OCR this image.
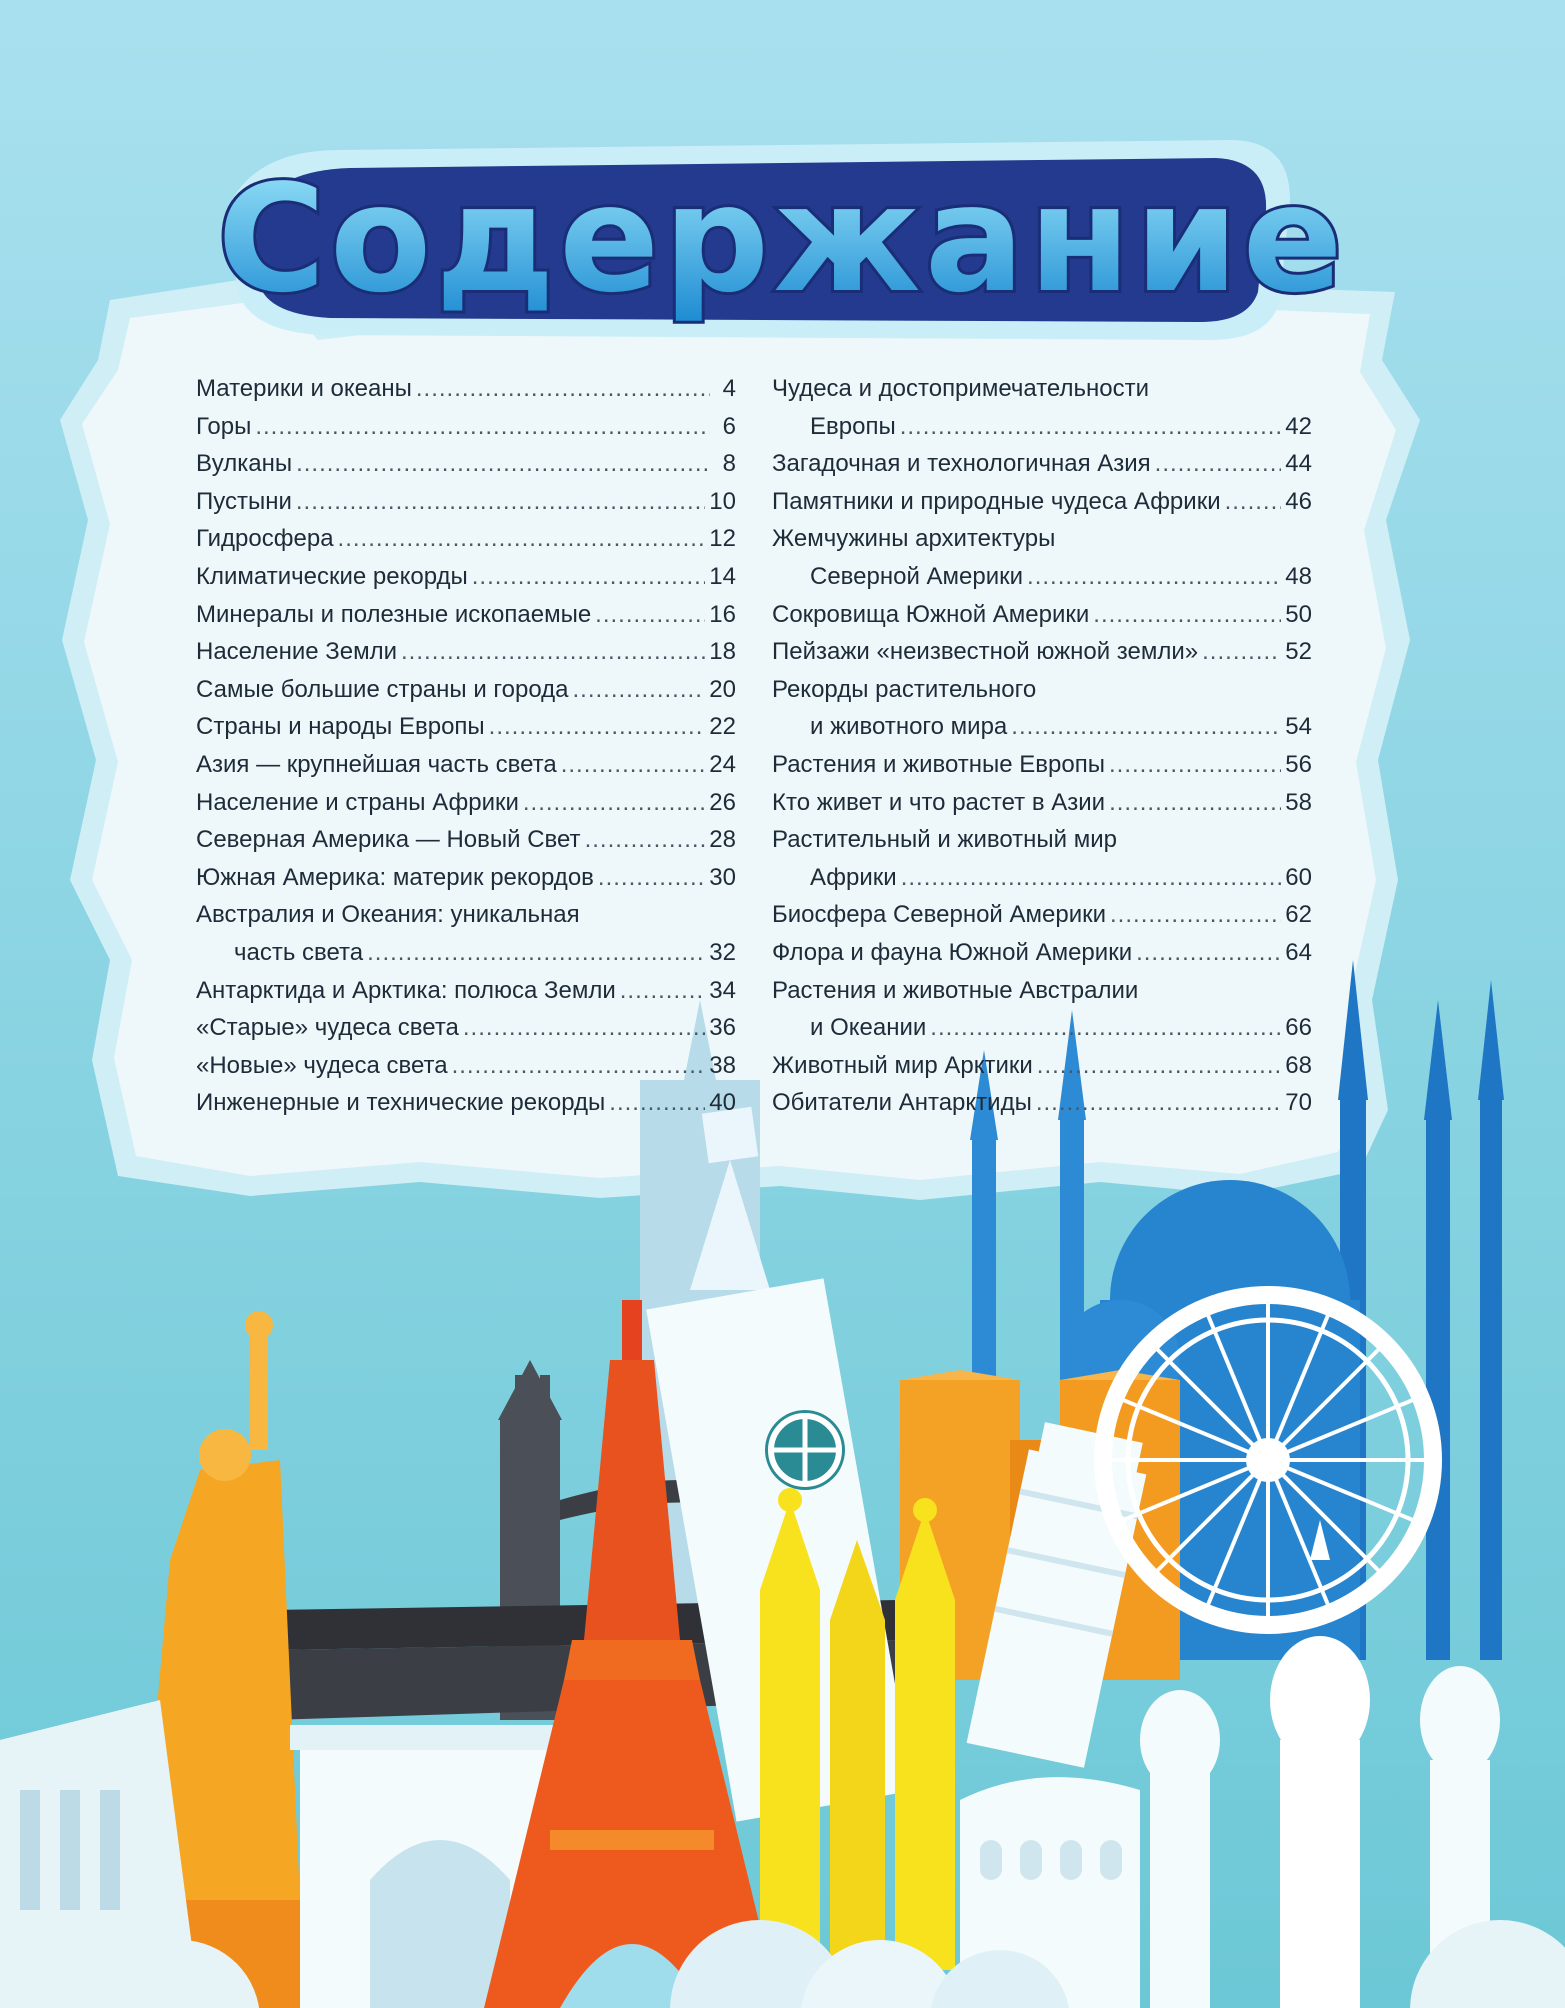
Содержание
Материки и океаны .....	4
Горы .....	6
Вулканы .....	8
Пустыни .....	10
Гидросфера .....	12
Климатические рекорды .....	14
Минералы и полезные ископаемые .....	16
Население Земли .....	18
Самые большие страны и города .....	20
Страны и народы Европы .....	22
Азия — крупнейшая часть света .....	24
Население и страны Африки .....	26
Северная Америка — Новый Свет .....	28
Южная Америка: материк рекордов .....	30
Австралия и Океания: уникальная
часть света .....	32
Антарктида и Арктика: полюса Земли .....	34
«Старые» чудеса света .....	36
«Новые» чудеса света .....	38
Инженерные и технические рекорды .....	40
Чудеса и достопримечательности
Европы .....	42
Загадочная и технологичная Азия .....	44
Памятники и природные чудеса Африки .....	46
Жемчужины архитектуры
Северной Америки .....	48
Сокровища Южной Америки .....	50
Пейзажи «неизвестной южной земли» .....	52
Рекорды растительного
и животного мира .....	54
Растения и животные Европы .....	56
Кто живет и что растет в Азии .....	58
Растительный и животный мир
Африки .....	60
Биосфера Северной Америки .....	62
Флора и фауна Южной Америки .....	64
Растения и животные Австралии
и Океании .....	66
Животный мир Арктики .....	68
Обитатели Антарктиды .....	70
